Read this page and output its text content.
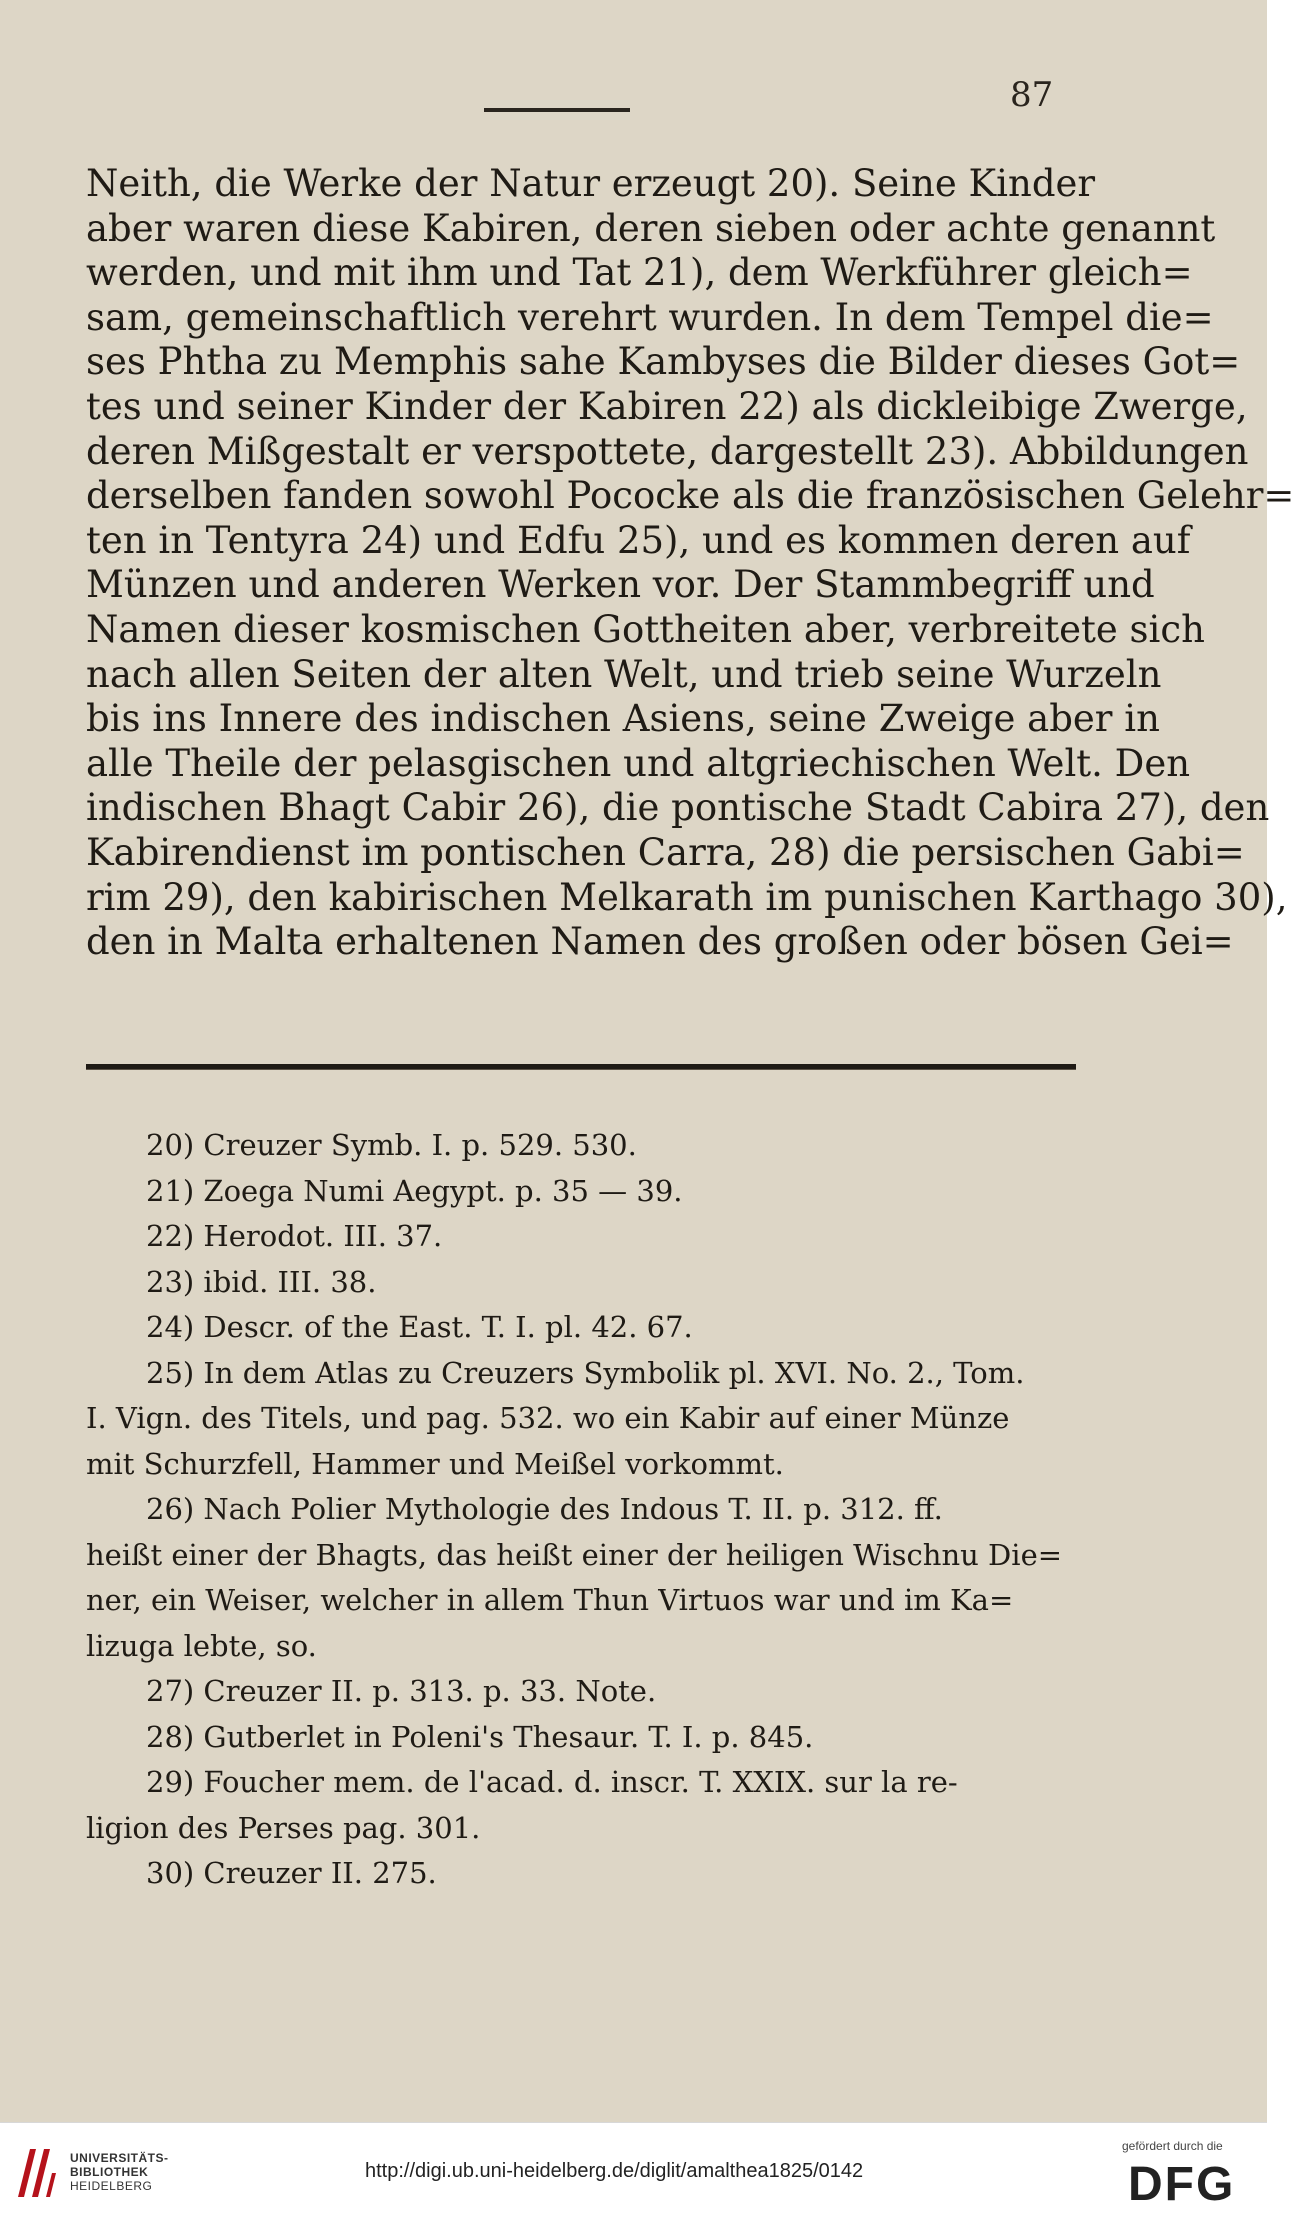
87
Neith, die Werke der Natur erzeugt 20). Seine Kinder
aber waren diese Kabiren, deren sieben oder achte genannt
werden, und mit ihm und Tat 21), dem Werkführer gleich=
sam, gemeinschaftlich verehrt wurden. In dem Tempel die=
ses Phtha zu Memphis sahe Kambyses die Bilder dieses Got=
tes und seiner Kinder der Kabiren 22) als dickleibige Zwerge,
deren Mißgestalt er verspottete, dargestellt 23). Abbildungen
derselben fanden sowohl Pococke als die französischen Gelehr=
ten in Tentyra 24) und Edfu 25), und es kommen deren auf
Münzen und anderen Werken vor. Der Stammbegriff und
Namen dieser kosmischen Gottheiten aber, verbreitete sich
nach allen Seiten der alten Welt, und trieb seine Wurzeln
bis ins Innere des indischen Asiens, seine Zweige aber in
alle Theile der pelasgischen und altgriechischen Welt. Den
indischen Bhagt Cabir 26), die pontische Stadt Cabira 27), den
Kabirendienst im pontischen Carra, 28) die persischen Gabi=
rim 29), den kabirischen Melkarath im punischen Karthago 30),
den in Malta erhaltenen Namen des großen oder bösen Gei=
20) Creuzer Symb. I. p. 529. 530.
21) Zoega Numi Aegypt. p. 35 — 39.
22) Herodot. III. 37.
23) ibid. III. 38.
24) Descr. of the East. T. I. pl. 42. 67.
25) In dem Atlas zu Creuzers Symbolik pl. XVI. No. 2., Tom.
I. Vign. des Titels, und pag. 532. wo ein Kabir auf einer Münze
mit Schurzfell, Hammer und Meißel vorkommt.
26) Nach Polier Mythologie des Indous T. II. p. 312. ff.
heißt einer der Bhagts, das heißt einer der heiligen Wischnu Die=
ner, ein Weiser, welcher in allem Thun Virtuos war und im Ka=
lizuga lebte, so.
27) Creuzer II. p. 313. p. 33. Note.
28) Gutberlet in Poleni's Thesaur. T. I. p. 845.
29) Foucher mem. de l'acad. d. inscr. T. XXIX. sur la re-
ligion des Perses pag. 301.
30) Creuzer II. 275.
UNIVERSITÄTS-
BIBLIOTHEK
HEIDELBERG
http://digi.ub.uni-heidelberg.de/diglit/amalthea1825/0142
gefördert durch die
DFG
